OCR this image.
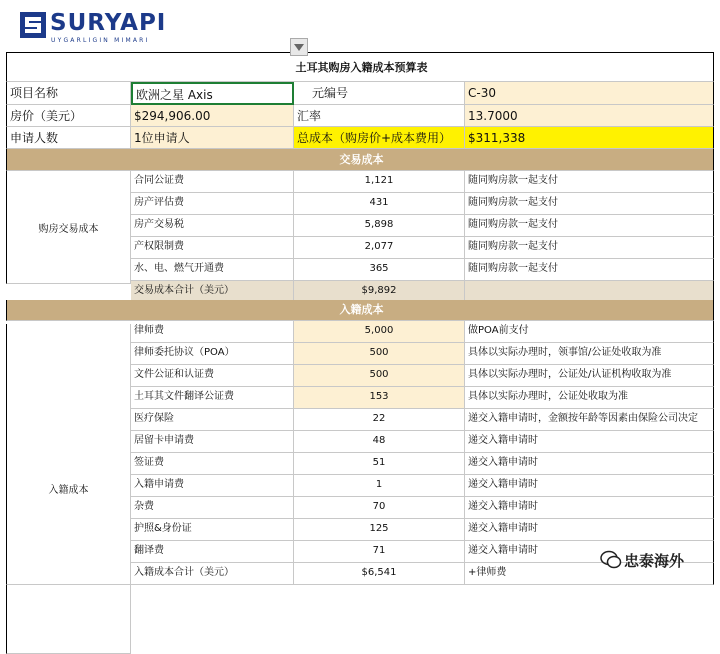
SURYAPI
UYGARLIGIN MIMARI
土耳其购房入籍成本预算表
项目名称	欧洲之星 Axis	元编号	C-30
房价（美元）	$294,906.00	汇率	13.7000
申请人数	1位申请人	总成本（购房价+成本费用）	$311,338
交易成本
购房交易成本
入籍成本
合同公证费	1,121	随同购房款一起支付
房产评估费	431	随同购房款一起支付
房产交易税	5,898	随同购房款一起支付
产权限制费	2,077	随同购房款一起支付
水、电、燃气开通费	365	随同购房款一起支付
交易成本合计（美元）	$9,892
入籍成本
律师费	5,000	做POA前支付
律师委托协议（POA）	500	具体以实际办理时，领事馆/公证处收取为准
文件公证和认证费	500	具体以实际办理时，公证处/认证机构收取为准
土耳其文件翻译公证费	153	具体以实际办理时，公证处收取为准
医疗保险	22	递交入籍申请时，金额按年龄等因素由保险公司决定
居留卡申请费	48	递交入籍申请时
签证费	51	递交入籍申请时
入籍申请费	1	递交入籍申请时
杂费	70	递交入籍申请时
护照&身份证	125	递交入籍申请时
翻译费	71	递交入籍申请时
入籍成本合计（美元）	$6,541	+律师费
忠泰海外
